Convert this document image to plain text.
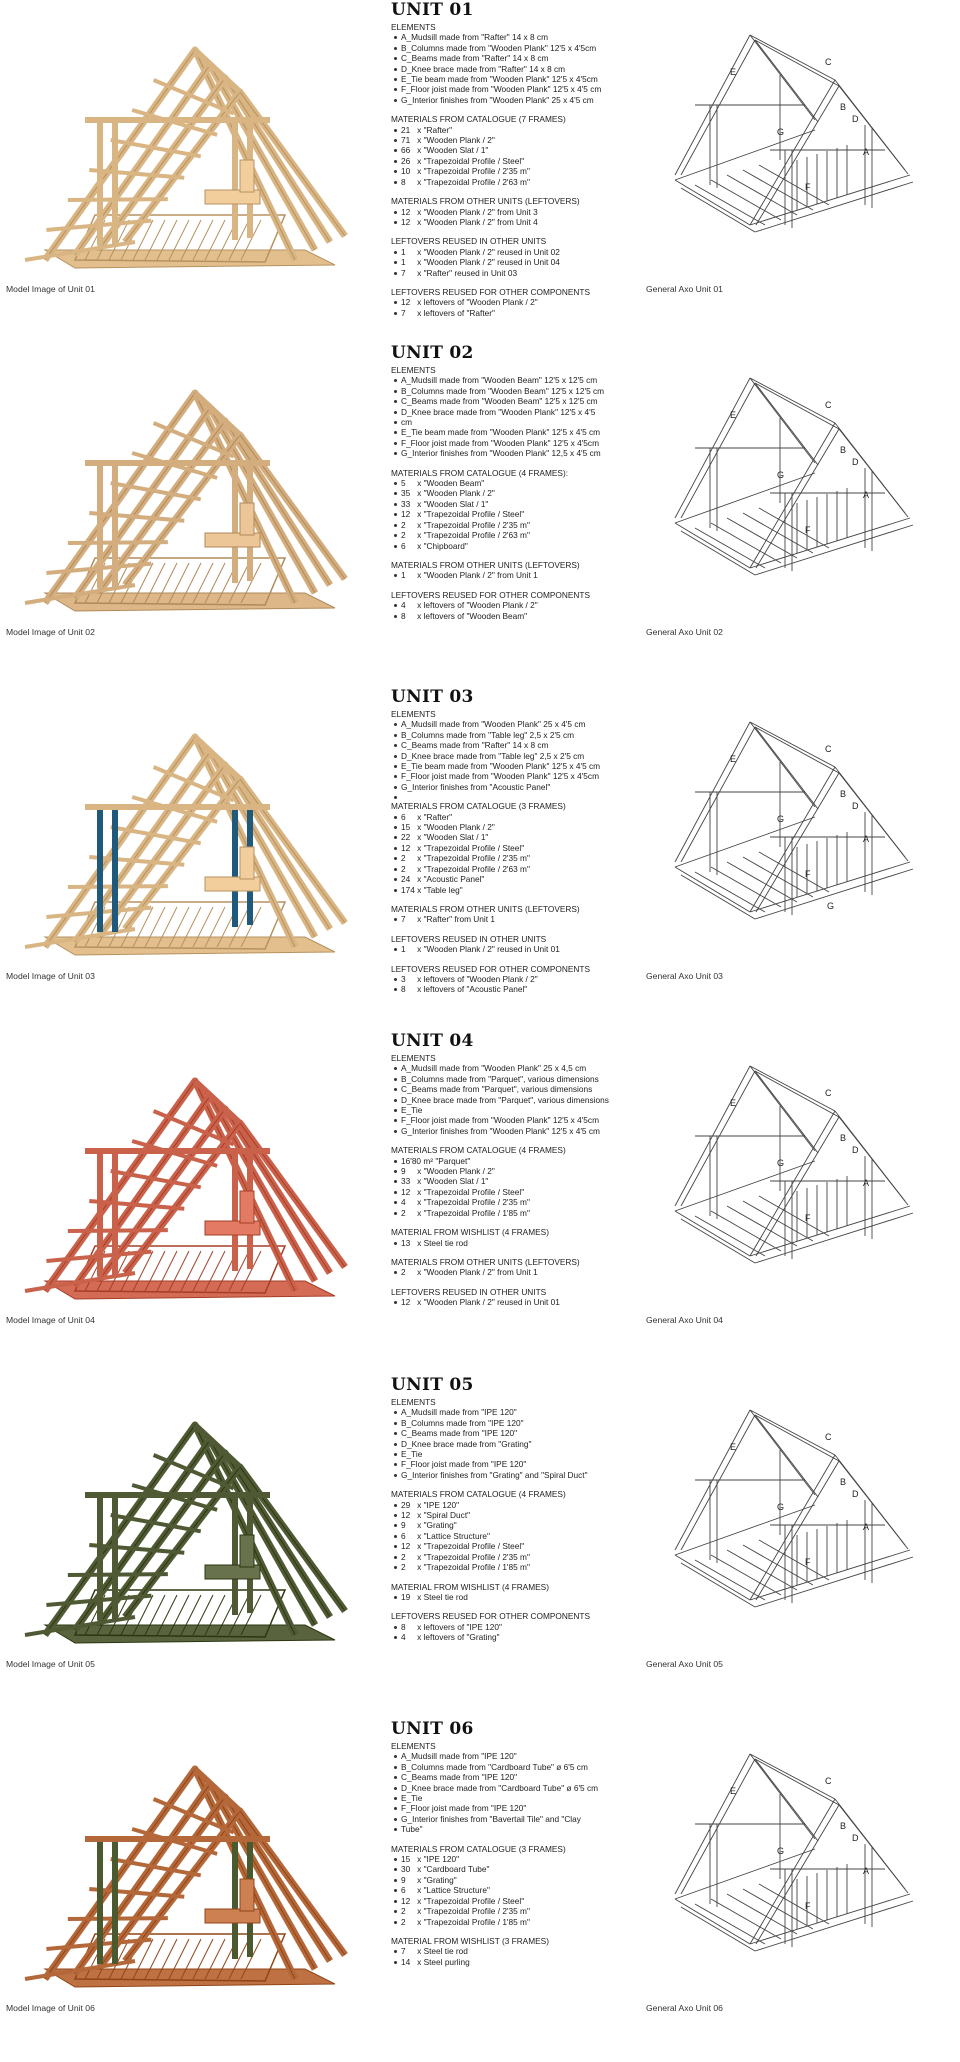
Model Image of Unit 01	General Axo Unit 01
UNIT 01
ELEMENTS
A_Mudsill made from "Rafter" 14 x 8 cm
B_Columns made from "Wooden Plank" 12'5 x 4'5cm
C_Beams made from "Rafter" 14 x 8 cm
D_Knee brace made from "Rafter" 14 x 8 cm
E_Tie beam made from "Wooden Plank" 12'5 x 4'5cm
F_Floor joist made from "Wooden Plank" 12'5 x 4'5 cm
G_Interior finishes from "Wooden Plank" 25 x 4'5 cm
MATERIALS FROM CATALOGUE (7 FRAMES)
21   x "Rafter"
71   x "Wooden Plank / 2"
66   x "Wooden Slat / 1"
26   x "Trapezoidal Profile / Steel"
10   x "Trapezoidal Profile / 2'35 m"
8     x "Trapezoidal Profile / 2'63 m"
MATERIALS FROM OTHER UNITS (LEFTOVERS)
12   x "Wooden Plank / 2" from Unit 3
12   x "Wooden Plank / 2" from Unit 4
LEFTOVERS REUSED IN OTHER UNITS
1     x "Wooden Plank / 2" reused in Unit 02
1     x "Wooden Plank / 2" reused in Unit 04
7     x "Rafter" reused in Unit 03
LEFTOVERS REUSED FOR OTHER COMPONENTS
12   x leftovers of "Wooden Plank / 2"
7     x leftovers of "Rafter"
E
C
B
D
G
A
F
Model Image of Unit 02	General Axo Unit 02
UNIT 02
ELEMENTS
A_Mudsill made from "Wooden Beam" 12'5 x 12'5 cm
B_Columns made from "Wooden Beam" 12'5 x 12'5 cm
C_Beams made from "Wooden Beam" 12'5 x 12'5 cm
D_Knee brace made from "Wooden Plank" 12'5 x 4'5
cm
E_Tie beam made from "Wooden Plank" 12'5 x 4'5 cm
F_Floor joist made from "Wooden Plank" 12'5 x 4'5cm
G_Interior finishes from "Wooden Plank" 12,5 x 4'5 cm
MATERIALS FROM CATALOGUE (4 FRAMES):
5     x "Wooden Beam"
35   x "Wooden Plank / 2"
33   x "Wooden Slat / 1"
12   x "Trapezoidal Profile / Steel"
2     x "Trapezoidal Profile / 2'35 m"
2     x "Trapezoidal Profile / 2'63 m"
6     x "Chipboard"
MATERIALS FROM OTHER UNITS (LEFTOVERS)
1     x "Wooden Plank / 2" from Unit 1
LEFTOVERS REUSED FOR OTHER COMPONENTS
4     x leftovers of "Wooden Plank / 2"
8     x leftovers of "Wooden Beam"
E
C
B
D
G
A
F
Model Image of Unit 03	General Axo Unit 03
UNIT 03
ELEMENTS
A_Mudsill made from "Wooden Plank" 25 x 4'5 cm
B_Columns made from "Table leg" 2,5 x 2'5 cm
C_Beams made from "Rafter" 14 x 8 cm
D_Knee brace made from "Table leg" 2,5 x 2'5 cm
E_Tie beam made from "Wooden Plank" 12'5 x 4'5 cm
F_Floor joist made from "Wooden Plank" 12'5 x 4'5cm
G_Interior finishes from "Acoustic Panel"
MATERIALS FROM CATALOGUE (3 FRAMES)
6     x "Rafter"
15   x "Wooden Plank / 2"
22   x "Wooden Slat / 1"
12   x "Trapezoidal Profile / Steel"
2     x "Trapezoidal Profile / 2'35 m"
2     x "Trapezoidal Profile / 2'63 m"
24   x "Acoustic Panel"
174 x "Table leg"
MATERIALS FROM OTHER UNITS (LEFTOVERS)
7     x "Rafter" from Unit 1
LEFTOVERS REUSED IN OTHER UNITS
1     x "Wooden Plank / 2" reused in Unit 01
LEFTOVERS REUSED FOR OTHER COMPONENTS
3     x leftovers of "Wooden Plank / 2"
8     x leftovers of "Acoustic Panel"
E
C
B
D
G
A
F
G
Model Image of Unit 04	General Axo Unit 04
UNIT 04
ELEMENTS
A_Mudsill made from "Wooden Plank" 25 x 4,5 cm
B_Columns made from "Parquet", various dimensions
C_Beams made from "Parquet", various dimensions
D_Knee brace made from "Parquet", various dimensions
E_Tie
F_Floor joist made from "Wooden Plank" 12'5 x 4'5cm
G_Interior finishes from "Wooden Plank" 12'5 x 4'5 cm
MATERIALS FROM CATALOGUE (4 FRAMES)
16'80 m² "Parquet"
9     x "Wooden Plank / 2"
33   x "Wooden Slat / 1"
12   x "Trapezoidal Profile / Steel"
4     x "Trapezoidal Profile / 2'35 m"
2     x "Trapezoidal Profile / 1'85 m"
MATERIAL FROM WISHLIST (4 FRAMES)
13   x Steel tie rod
MATERIALS FROM OTHER UNITS (LEFTOVERS)
2     x "Wooden Plank / 2" from Unit 1
LEFTOVERS REUSED IN OTHER UNITS
12   x "Wooden Plank / 2" reused in Unit 01
E
C
B
D
G
A
F
Model Image of Unit 05	General Axo Unit 05
UNIT 05
ELEMENTS
A_Mudsill made from "IPE 120"
B_Columns made from "IPE 120"
C_Beams made from "IPE 120"
D_Knee brace made from "Grating"
E_Tie
F_Floor joist made from "IPE 120"
G_Interior finishes from "Grating" and "Spiral Duct"
MATERIALS FROM CATALOGUE (4 FRAMES)
29   x "IPE 120"
12   x "Spiral Duct"
9     x "Grating"
6     x "Lattice Structure"
12   x "Trapezoidal Profile / Steel"
2     x "Trapezoidal Profile / 2'35 m"
2     x "Trapezoidal Profile / 1'85 m"
MATERIAL FROM WISHLIST (4 FRAMES)
19   x Steel tie rod
LEFTOVERS REUSED FOR OTHER COMPONENTS
8     x leftovers of "IPE 120"
4     x leftovers of "Grating"
E
C
B
D
G
A
F
Model Image of Unit 06	General Axo Unit 06
UNIT 06
ELEMENTS
A_Mudsill made from "IPE 120"
B_Columns made from "Cardboard Tube" ø 6'5 cm
C_Beams made from "IPE 120"
D_Knee brace made from "Cardboard Tube" ø 6'5 cm
E_Tie
F_Floor joist made from "IPE 120"
G_Interior finishes from "Bavertail Tile" and "Clay
Tube"
MATERIALS FROM CATALOGUE (3 FRAMES)
15   x "IPE 120"
30   x "Cardboard Tube"
9     x "Grating"
6     x "Lattice Structure"
12   x "Trapezoidal Profile / Steel"
2     x "Trapezoidal Profile / 2'35 m"
2     x "Trapezoidal Profile / 1'85 m"
MATERIAL FROM WISHLIST (3 FRAMES)
7     x Steel tie rod
14   x Steel purling
E
C
B
D
G
A
F
